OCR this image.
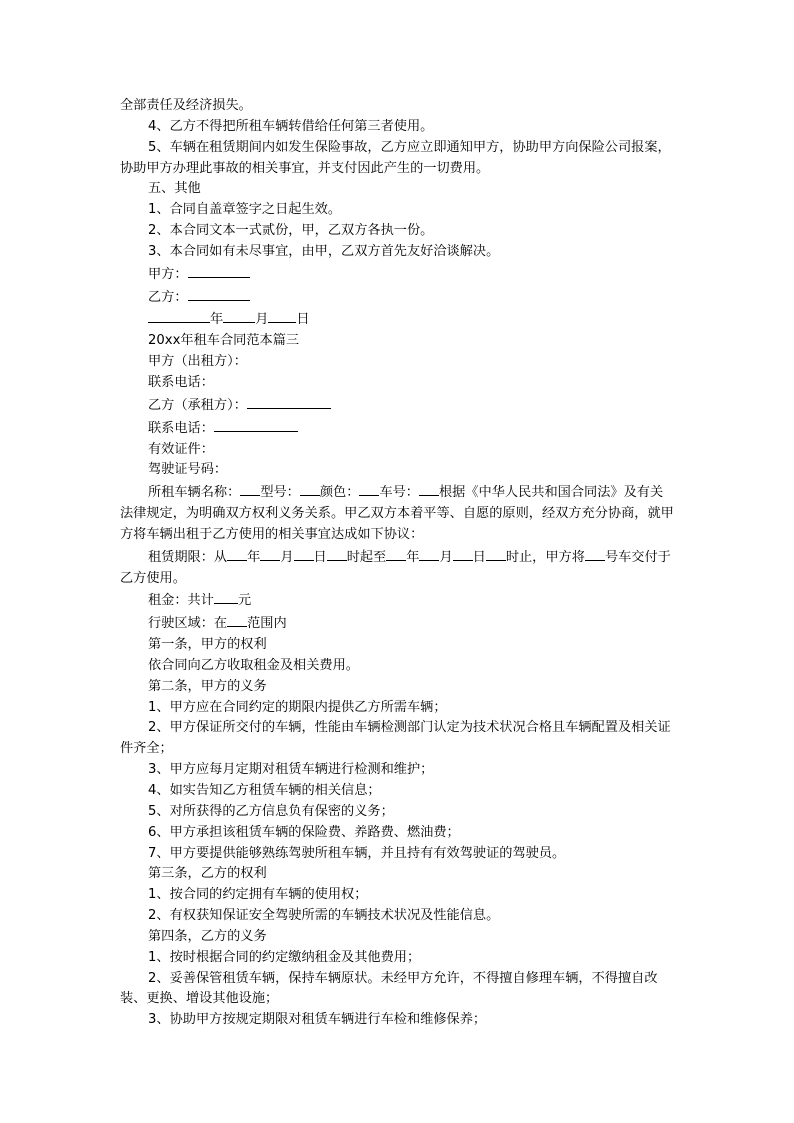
全部责任及经济损失。

4、乙方不得把所租车辆转借给任何第三者使用。

5、车辆在租赁期间内如发生保险事故，乙方应立即通知甲方，协助甲方向保险公司报案，协助甲方办理此事故的相关事宜，并支付因此产生的一切费用。

五、其他

1、合同自盖章签字之日起生效。

2、本合同文本一式贰份，甲，乙双方各执一份。

3、本合同如有未尽事宜，由甲，乙双方首先友好洽谈解决。

甲方：

乙方：

年 月 日

20xx年租车合同范本篇三

甲方（出租方）：

联系电话：

乙方（承租方）：

联系电话：

有效证件：

驾驶证号码：

所租车辆名称： 型号： 颜色： 车号： 根据《中华人民共和国合同法》及有关法律规定，为明确双方权利义务关系。甲乙双方本着平等、自愿的原则，经双方充分协商，就甲方将车辆出租于乙方使用的相关事宜达成如下协议：

租赁期限：从 年 月 日 时起至 年 月 日 时止，甲方将 号车交付于乙方使用。

租金：共计 元

行驶区域：在 范围内

第一条，甲方的权利

依合同向乙方收取租金及相关费用。

第二条，甲方的义务

1、甲方应在合同约定的期限内提供乙方所需车辆；

2、甲方保证所交付的车辆，性能由车辆检测部门认定为技术状况合格且车辆配置及相关证件齐全；

3、甲方应每月定期对租赁车辆进行检测和维护；

4、如实告知乙方租赁车辆的相关信息；

5、对所获得的乙方信息负有保密的义务；

6、甲方承担该租赁车辆的保险费、养路费、燃油费；

7、甲方要提供能够熟练驾驶所租车辆，并且持有有效驾驶证的驾驶员。

第三条，乙方的权利

1、按合同的约定拥有车辆的使用权；

2、有权获知保证安全驾驶所需的车辆技术状况及性能信息。

第四条，乙方的义务

1、按时根据合同的约定缴纳租金及其他费用；

2、妥善保管租赁车辆，保持车辆原状。未经甲方允许，不得擅自修理车辆，不得擅自改装、更换、增设其他设施；

3、协助甲方按规定期限对租赁车辆进行车检和维修保养；
